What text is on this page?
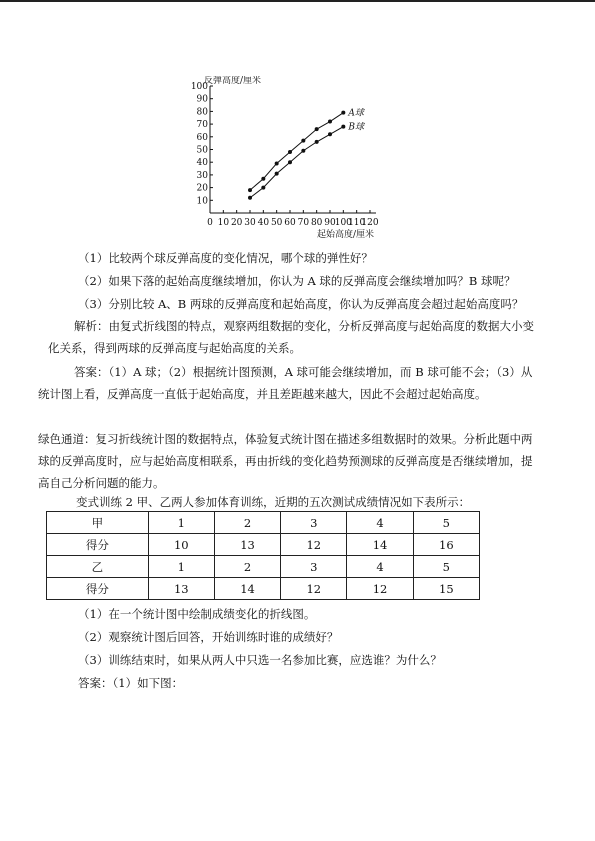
10
20
30
40
50
60
70
80
90
100
0 10 20 30 40 50 60 70 80 90 100
110
120
反弹高度/厘米
起始高度/厘米
A球
B球
（1）比较两个球反弹高度的变化情况，哪个球的弹性好？
（2）如果下落的起始高度继续增加，你认为 A 球的反弹高度会继续增加吗？B 球呢？
（3）分别比较 A、B 两球的反弹高度和起始高度，你认为反弹高度会超过起始高度吗？
解析：由复式折线图的特点，观察两组数据的变化，分析反弹高度与起始高度的数据大小变化关系，得到两球的反弹高度与起始高度的关系。
答案：（1）A 球；（2）根据统计图预测，A 球可能会继续增加，而 B 球可能不会；（3）从统计图上看，反弹高度一直低于起始高度，并且差距越来越大，因此不会超过起始高度。
绿色通道：复习折线统计图的数据特点，体验复式统计图在描述多组数据时的效果。分析此题中两球的反弹高度时，应与起始高度相联系，再由折线的变化趋势预测球的反弹高度是否继续增加，提高自己分析问题的能力。
变式训练 2 甲、乙两人参加体育训练，近期的五次测试成绩情况如下表所示：
甲	1	2	3	4	5
得分	10	13	12	14	16
乙	1	2	3	4	5
得分	13	14	12	12	15
（1）在一个统计图中绘制成绩变化的折线图。
（2）观察统计图后回答，开始训练时谁的成绩好？
（3）训练结束时，如果从两人中只选一名参加比赛，应选谁？为什么？
答案：（1）如下图：
